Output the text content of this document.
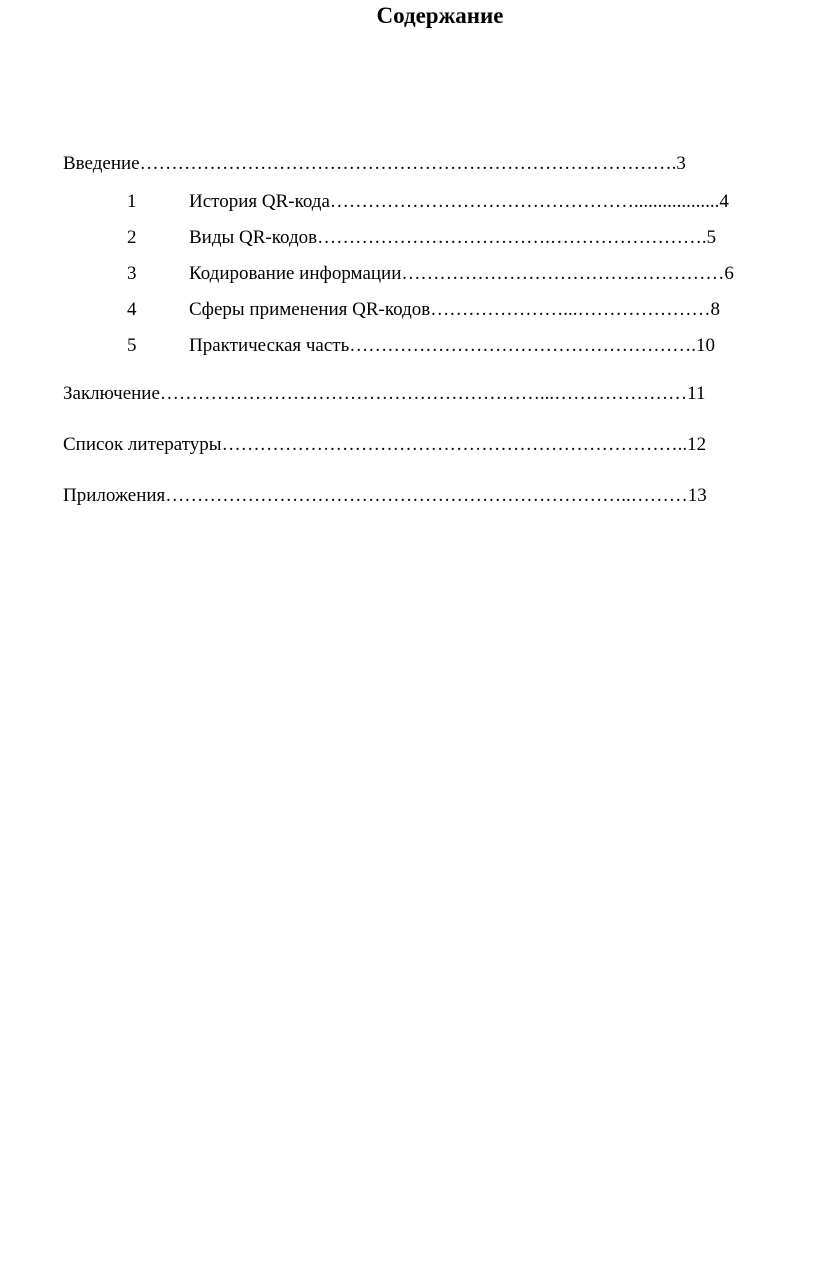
Содержание
Введение………………………………………………………………………….3
1	История QR-кода…………………………………………..................4
2	Виды QR-кодов……………………………….…………………….5
3	Кодирование информации……………………………………………6
4	Сферы применения QR-кодов…………………...…………………8
5	Практическая часть……………………………………………….10
Заключение……………………………………………………...…………………11
Список литературы………………………………………………………………..12
Приложения………………………………………………………………..………13
